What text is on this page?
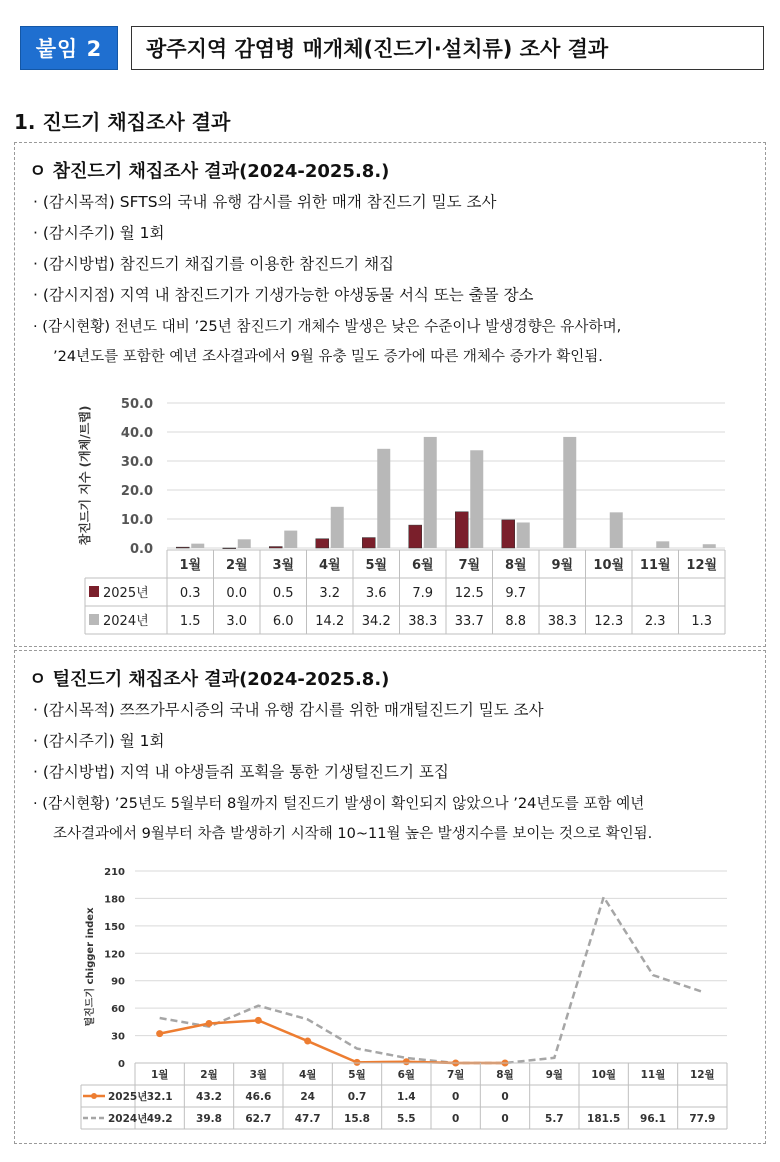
붙임 2	광주지역 감염병 매개체(진드기·설치류) 조사 결과
1. 진드기 채집조사 결과
ㅇ 참진드기 채집조사 결과(2024-2025.8.)
· (감시목적) SFTS의 국내 유행 감시를 위한 매개 참진드기 밀도 조사
· (감시주기) 월 1회
· (감시방법) 참진드기 채집기를 이용한 참진드기 채집
· (감시지점) 지역 내 참진드기가 기생가능한 야생동물 서식 또는 출몰 장소
· (감시현황) 전년도 대비 ’25년 참진드기 개체수 발생은 낮은 수준이나 발생경향은 유사하며,
’24년도를 포함한 예년 조사결과에서 9월 유충 밀도 증가에 따른 개체수 증가가 확인됨.
참진드기 지수 (개체/트랩)
0.0
10.0
20.0
30.0
40.0
50.0
1월
0.3
1.5
2월
0.0
3.0
3월
0.5
6.0
4월
3.2
14.2
5월
3.6
34.2
6월
7.9
38.3
7월
12.5
33.7
8월
9.7
8.8
9월
38.3
10월
12.3
11월
2.3
12월
1.3
2025년
2024년
ㅇ 털진드기 채집조사 결과(2024-2025.8.)
· (감시목적) 쯔쯔가무시증의 국내 유행 감시를 위한 매개털진드기 밀도 조사
· (감시주기) 월 1회
· (감시방법) 지역 내 야생들쥐 포획을 통한 기생털진드기 포집
· (감시현황) ’25년도 5월부터 8월까지 털진드기 발생이 확인되지 않았으나 ’24년도를 포함 예년
조사결과에서 9월부터 차츰 발생하기 시작해 10~11월 높은 발생지수를 보이는 것으로 확인됨.
털진드기 chigger index
0
30
60
90
120
150
180
210
1월
32.1
49.2
2월
43.2
39.8
3월
46.6
62.7
4월
24
47.7
5월
0.7
15.8
6월
1.4
5.5
7월
0
0
8월
0
0
9월
5.7
10월
181.5
11월
96.1
12월
77.9
2025년
2024년
